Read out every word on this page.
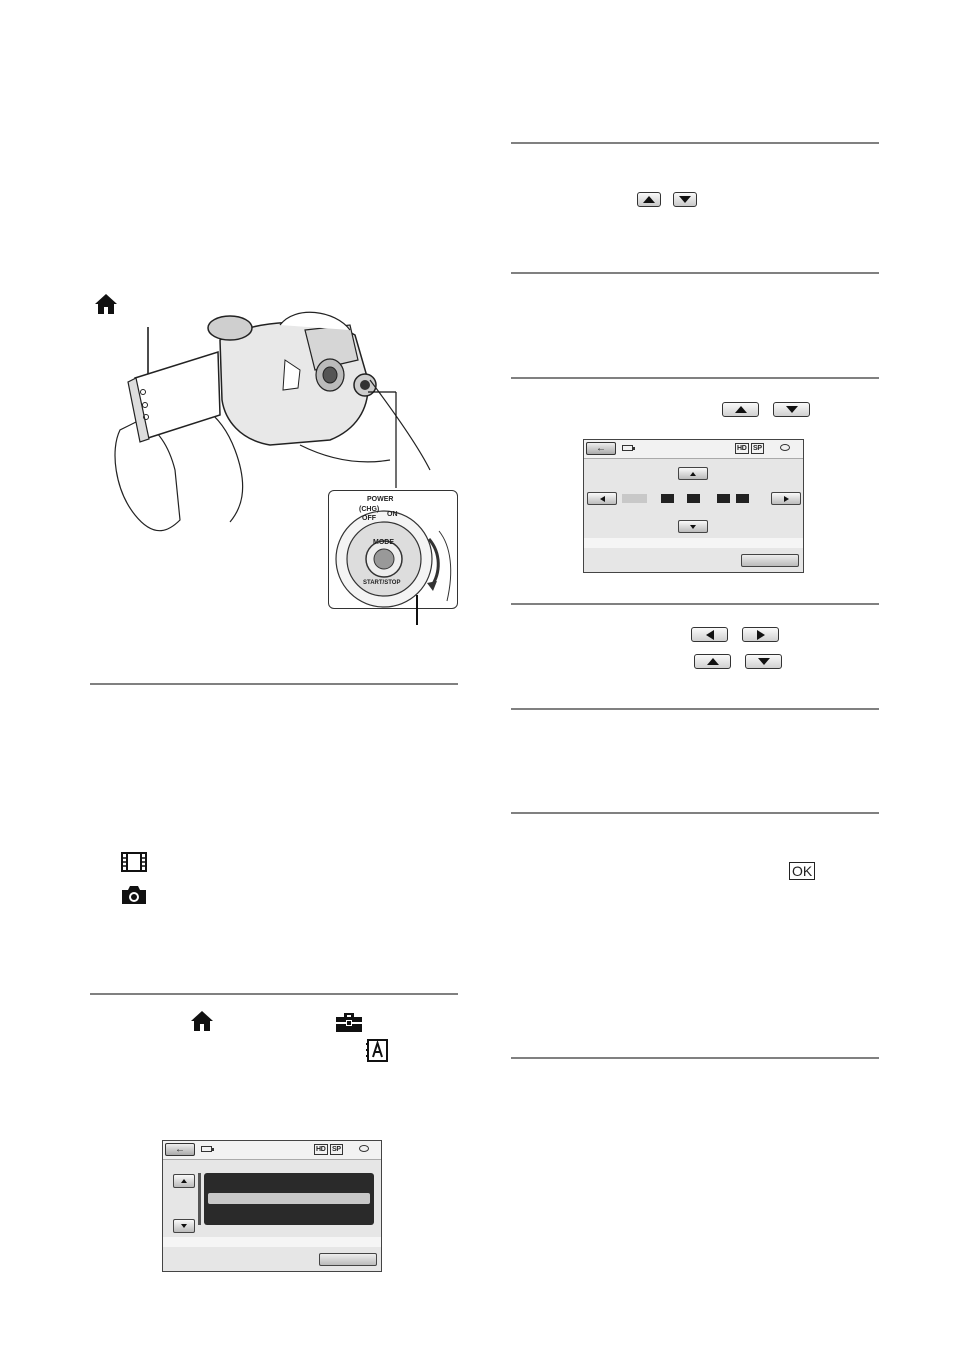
POWER
(CHG)
OFF
ON
MODE
START/STOP
←	HD SP
←	HD SP
OK
